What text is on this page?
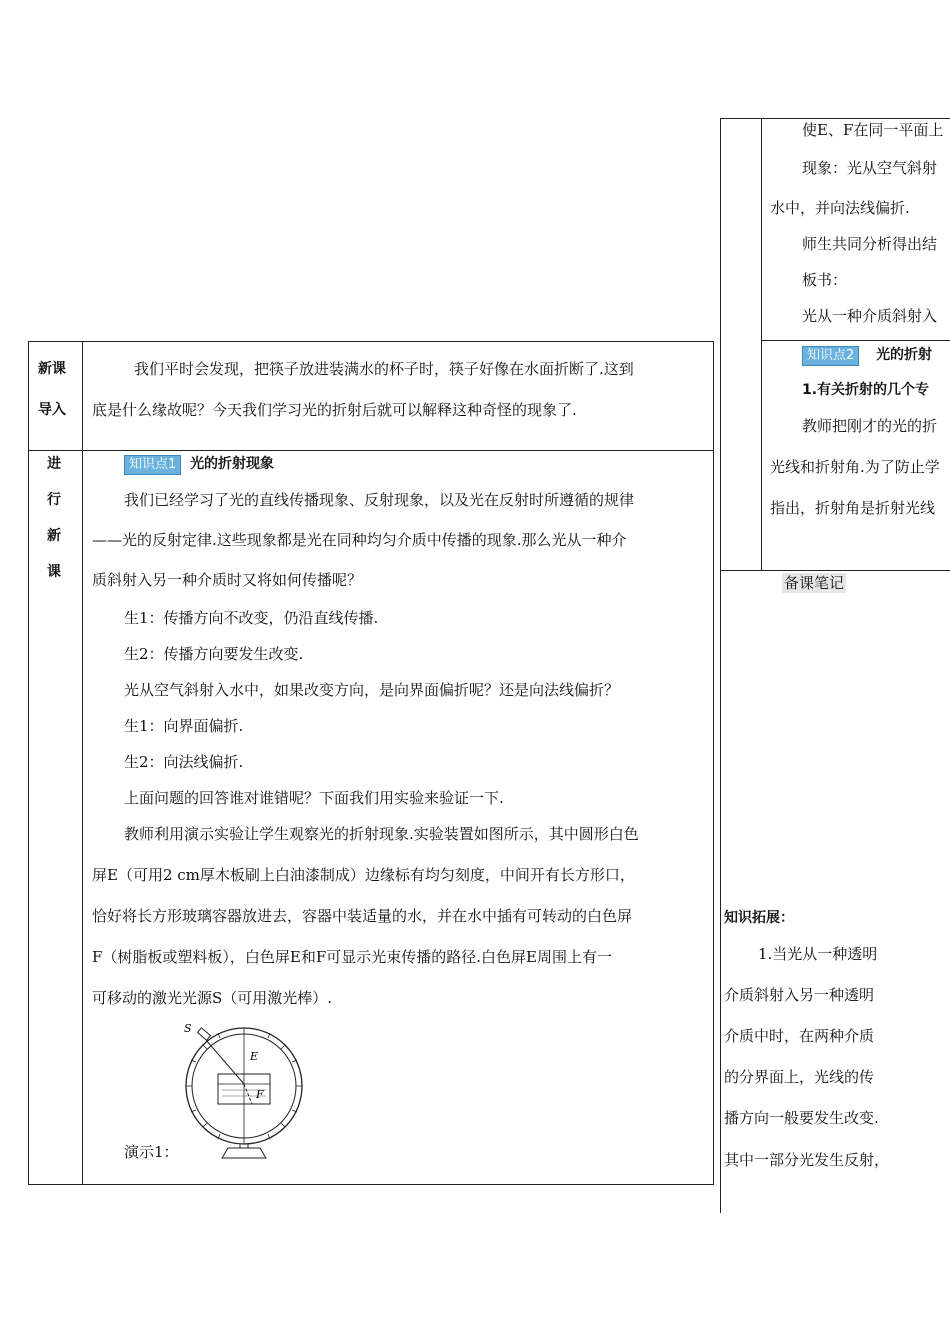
新课
导入
我们平时会发现，把筷子放进装满水的杯子时，筷子好像在水面折断了.这到
底是什么缘故呢？今天我们学习光的折射后就可以解释这种奇怪的现象了.
进
行
新
课
知识点1 光的折射现象
我们已经学习了光的直线传播现象、反射现象，以及光在反射时所遵循的规律
——光的反射定律.这些现象都是光在同种均匀介质中传播的现象.那么光从一种介
质斜射入另一种介质时又将如何传播呢？
生1：传播方向不改变，仍沿直线传播.
生2：传播方向要发生改变.
光从空气斜射入水中，如果改变方向，是向界面偏折呢？还是向法线偏折？
生1：向界面偏折.
生2：向法线偏折.
上面问题的回答谁对谁错呢？下面我们用实验来验证一下.
教师利用演示实验让学生观察光的折射现象.实验装置如图所示，其中圆形白色
屏E（可用2 cm厚木板刷上白油漆制成）边缘标有均匀刻度，中间开有长方形口，
恰好将长方形玻璃容器放进去，容器中装适量的水，并在水中插有可转动的白色屏
F（树脂板或塑料板），白色屏E和F可显示光束传播的路径.白色屏E周围上有一
可移动的激光光源S（可用激光棒）.
S
E
F
演示1：
使E、F在同一平面上
现象：光从空气斜射
水中，并向法线偏折.
师生共同分析得出结
板书：
光从一种介质斜射入
知识点2 光的折射
1.有关折射的几个专
教师把刚才的光的折
光线和折射角.为了防止学
指出，折射角是折射光线
备课笔记
知识拓展：
1.当光从一种透明
介质斜射入另一种透明
介质中时，在两种介质
的分界面上，光线的传
播方向一般要发生改变.
其中一部分光发生反射，
